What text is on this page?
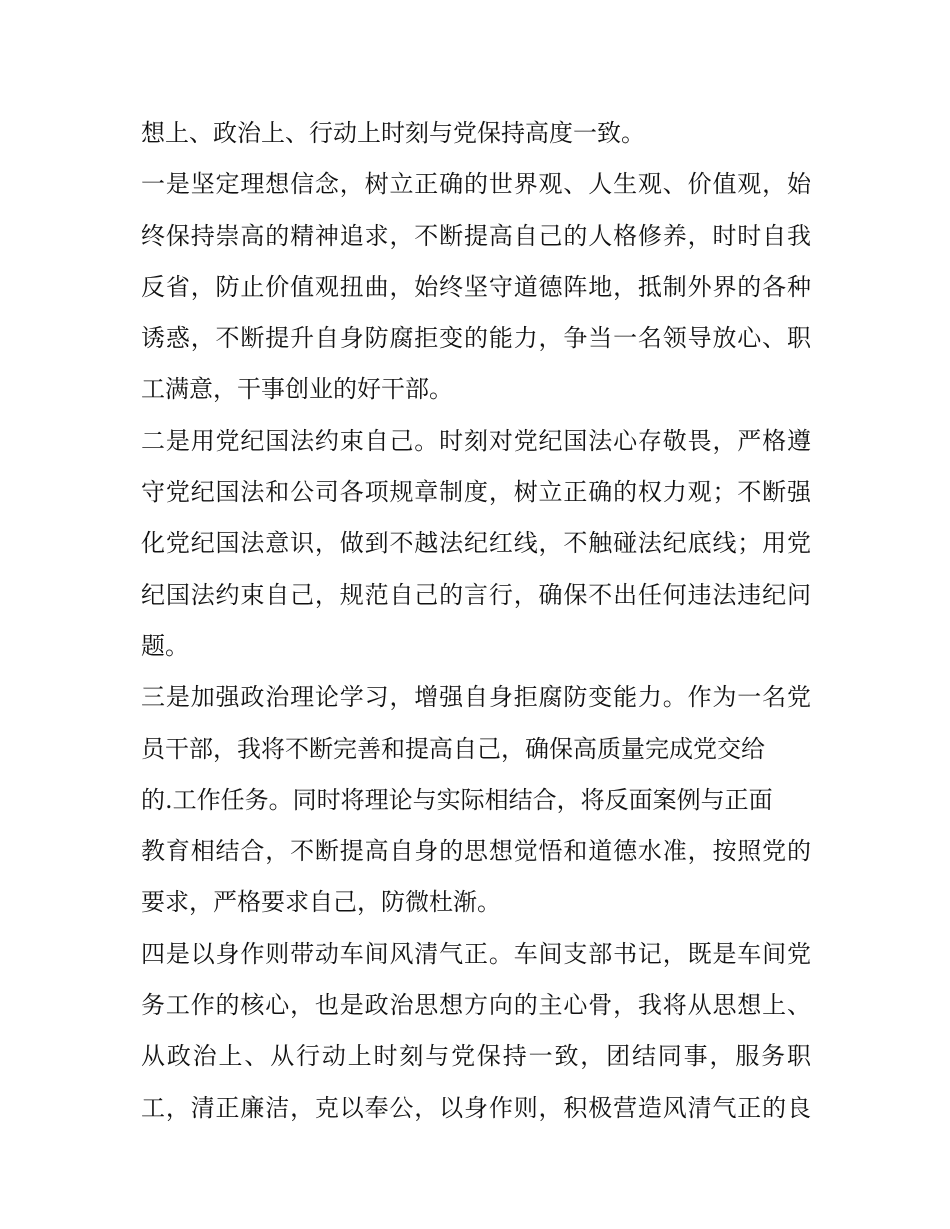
想上、政治上、行动上时刻与党保持高度一致。
一是坚定理想信念，树立正确的世界观、人生观、价值观，始
终保持崇高的精神追求，不断提高自己的人格修养，时时自我
反省，防止价值观扭曲，始终坚守道德阵地，抵制外界的各种
诱惑，不断提升自身防腐拒变的能力，争当一名领导放心、职
工满意，干事创业的好干部。
二是用党纪国法约束自己。时刻对党纪国法心存敬畏，严格遵
守党纪国法和公司各项规章制度，树立正确的权力观；不断强
化党纪国法意识，做到不越法纪红线，不触碰法纪底线；用党
纪国法约束自己，规范自己的言行，确保不出任何违法违纪问
题。
三是加强政治理论学习，增强自身拒腐防变能力。作为一名党
员干部，我将不断完善和提高自己，确保高质量完成党交给
的.工作任务。同时将理论与实际相结合，将反面案例与正面
教育相结合，不断提高自身的思想觉悟和道德水准，按照党的
要求，严格要求自己，防微杜渐。
四是以身作则带动车间风清气正。车间支部书记，既是车间党
务工作的核心，也是政治思想方向的主心骨，我将从思想上、
从政治上、从行动上时刻与党保持一致，团结同事，服务职
工，清正廉洁，克以奉公，以身作则，积极营造风清气正的良
